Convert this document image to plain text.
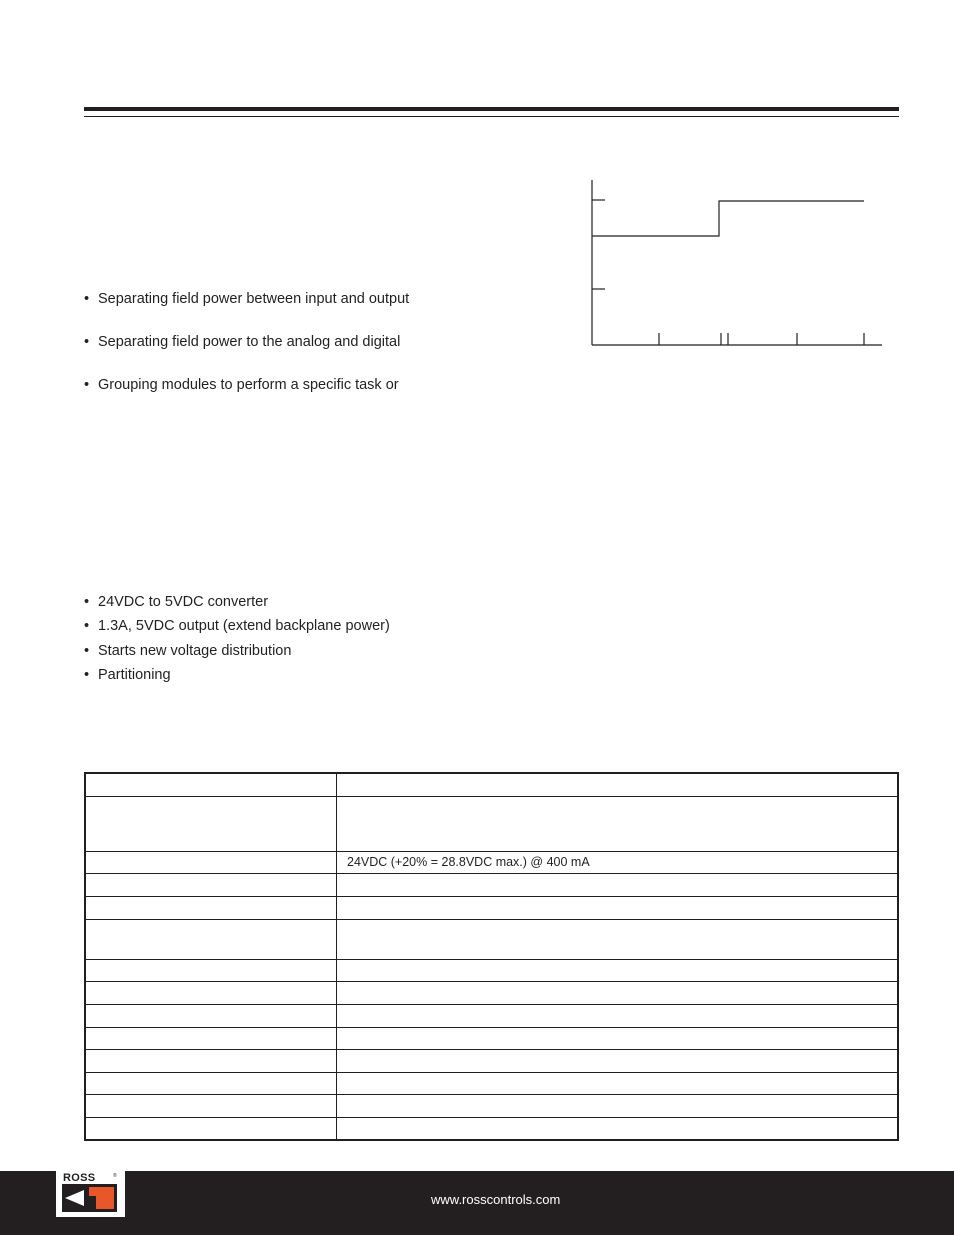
• Separating field power between input and output
• Separating field power to the analog and digital
• Grouping modules to perform a specific task or
• 24VDC to 5VDC converter
• 1.3A, 5VDC output (extend backplane power)
• Starts new voltage distribution
• Partitioning

	24VDC (+20% = 28.8VDC max.) @ 400 mA

ROSS	®
www.rosscontrols.com
